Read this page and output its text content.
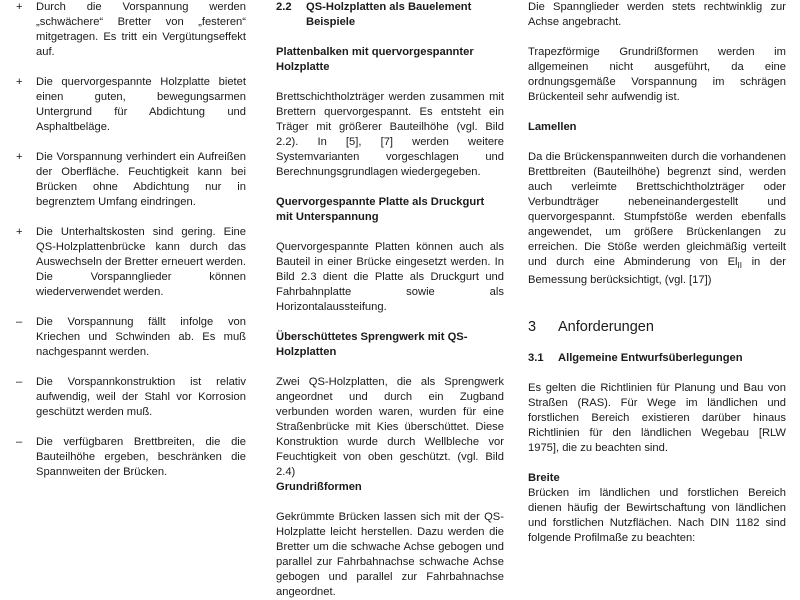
+ Durch die Vorspannung werden „schwächere“ Bretter von „festeren“ mitgetragen. Es tritt ein Vergütungseffekt auf.
+ Die quervorgespannte Holzplatte bietet einen guten, bewegungsarmen Untergrund für Abdichtung und Asphaltbeläge.
+ Die Vorspannung verhindert ein Aufreißen der Oberfläche. Feuchtigkeit kann bei Brücken ohne Abdichtung nur in begrenztem Umfang eindringen.
+ Die Unterhaltskosten sind gering. Eine QS-Holzplattenbrücke kann durch das Auswechseln der Bretter erneuert werden. Die Vorspannglieder können wiederverwendet werden.
– Die Vorspannung fällt infolge von Kriechen und Schwinden ab. Es muß nachgespannt werden.
– Die Vorspannkonstruktion ist relativ aufwendig, weil der Stahl vor Korrosion geschützt werden muß.
– Die verfügbaren Brettbreiten, die die Bauteilhöhe ergeben, beschränken die Spannweiten der Brücken.
2.2	QS-Holzplatten als Bauelement Beispiele
Plattenbalken mit quervorgespannter Holzplatte

Brettschichtholzträger werden zusammen mit Brettern quervorgespannt. Es entsteht ein Träger mit größerer Bauteilhöhe (vgl. Bild 2.2). In [5], [7] werden weitere Systemvarianten vorgeschlagen und Berechnungsgrundlagen wiedergegeben.

Quervorgespannte Platte als Druckgurt mit Unterspannung

Quervorgespannte Platten können auch als Bauteil in einer Brücke eingesetzt werden. In Bild 2.3 dient die Platte als Druckgurt und Fahrbahnplatte sowie als Horizontalaussteifung.

Überschüttetes Sprengwerk mit QS-Holzplatten

Zwei QS-Holzplatten, die als Sprengwerk angeordnet und durch ein Zugband verbunden worden waren, wurden für eine Straßenbrücke mit Kies überschüttet. Diese Konstruktion wurde durch Wellbleche vor Feuchtigkeit von oben geschützt. (vgl. Bild 2.4)

Grundrißformen

Gekrümmte Brücken lassen sich mit der QS-Holzplatte leicht herstellen. Dazu werden die Bretter um die schwache Achse gebogen und parallel zur Fahrbahnachse schwache Achse gebogen und parallel zur Fahrbahnachse angeordnet.

Die Spannglieder werden stets rechtwinklig zur Achse angebracht.

Trapezförmige Grundrißformen werden im allgemeinen nicht ausgeführt, da eine ordnungsgemäße Vorspannung im schrägen Brückenteil sehr aufwendig ist.

Lamellen

Da die Brückenspannweiten durch die vorhandenen Brettbreiten (Bauteilhöhe) begrenzt sind, werden auch verleimte Brettschichtholzträger oder Verbundträger nebeneinandergestellt und quervorgespannt. Stumpfstöße werden ebenfalls angewendet, um größere Brückenlangen zu erreichen. Die Stöße werden gleichmäßig verteilt und durch eine Abminderung von $El_{II}$ in der Bemessung berücksichtigt, (vgl. [17])

3 Anforderungen
3.1	Allgemeine Entwurfsüberlegungen

Es gelten die Richtlinien für Planung und Bau von Straßen (RAS). Für Wege im ländlichen und forstlichen Bereich existieren darüber hinaus Richtlinien für den ländlichen Wegebau [RLW 1975], die zu beachten sind.

Breite

Brücken im ländlichen und forstlichen Bereich dienen häufig der Bewirtschaftung von ländlichen und forstlichen Nutzflächen. Nach DIN 1182 sind folgende Profilmaße zu beachten:
